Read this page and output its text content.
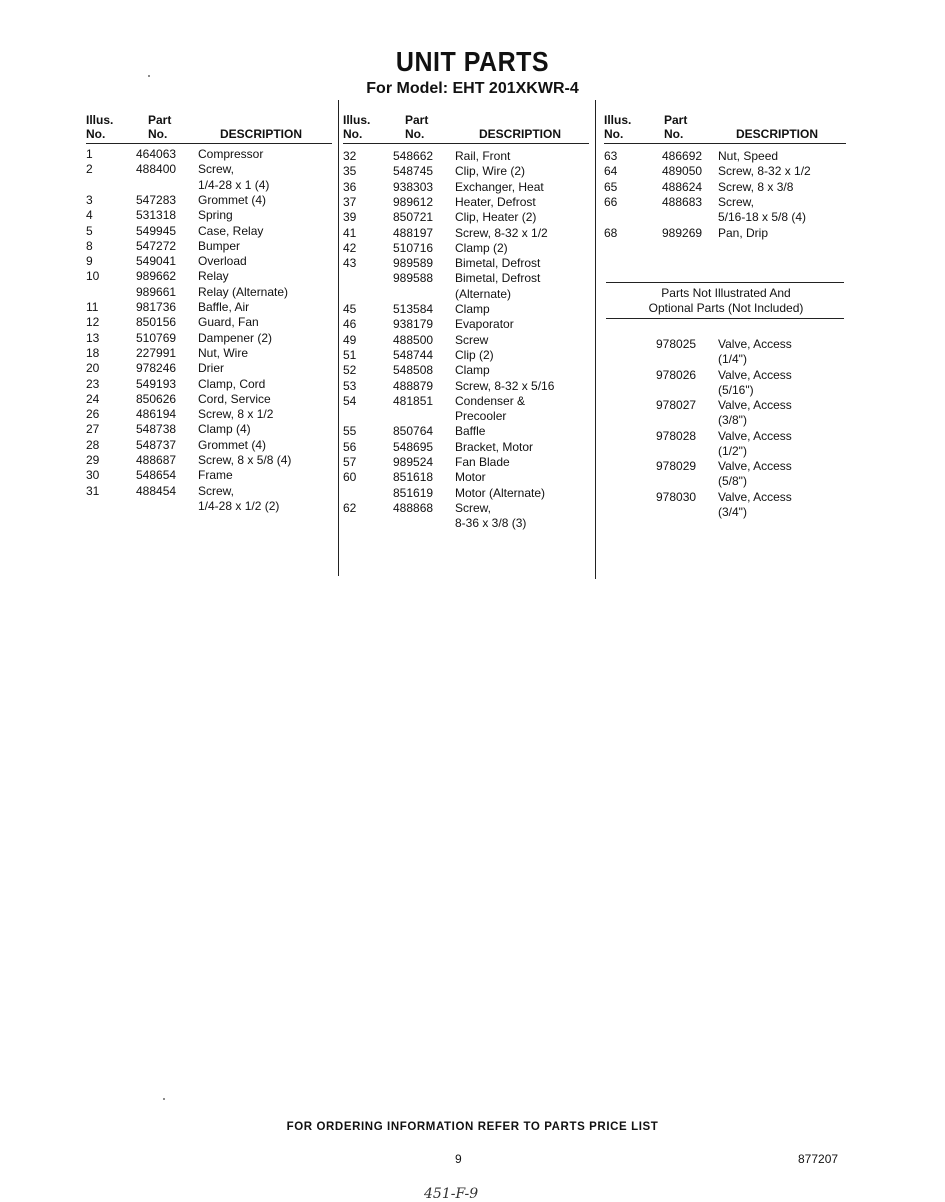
UNIT PARTS
For Model: EHT 201XKWR-4
Illus.
No.
Part
No.	DESCRIPTION
1	464063 Compressor
2	488400 Screw,
1/4-28 x 1 (4)
3	547283 Grommet (4)
4	531318 Spring
5	549945 Case, Relay
8	547272 Bumper
9	549041 Overload
10	989662 Relay
989661 Relay (Alternate)
11	981736 Baffle, Air
12	850156 Guard, Fan
13	510769 Dampener (2)
18	227991 Nut, Wire
20	978246 Drier
23	549193 Clamp, Cord
24	850626 Cord, Service
26	486194 Screw, 8 x 1/2
27	548738 Clamp (4)
28	548737 Grommet (4)
29	488687 Screw, 8 x 5/8 (4)
30	548654 Frame
31	488454 Screw,
1/4-28 x 1/2 (2)
Illus.
No.
Part
No.	DESCRIPTION
32	548662 Rail, Front
35	548745 Clip, Wire (2)
36	938303 Exchanger, Heat
37	989612 Heater, Defrost
39	850721 Clip, Heater (2)
41	488197 Screw, 8-32 x 1/2
42	510716 Clamp (2)
43	989589 Bimetal, Defrost
989588 Bimetal, Defrost
(Alternate)
45	513584 Clamp
46	938179 Evaporator
49	488500 Screw
51	548744 Clip (2)
52	548508 Clamp
53	488879 Screw, 8-32 x 5/16
54	481851 Condenser &
Precooler
55	850764 Baffle
56	548695 Bracket, Motor
57	989524 Fan Blade
60	851618 Motor
851619 Motor (Alternate)
62	488868 Screw,
8-36 x 3/8 (3)
Illus.
No.
Part
No.	DESCRIPTION
63	486692 Nut, Speed
64	489050 Screw, 8-32 x 1/2
65	488624 Screw, 8 x 3/8
66	488683 Screw,
5/16-18 x 5/8 (4)
68	989269 Pan, Drip
Parts Not Illustrated And
Optional Parts (Not Included)
978025 Valve, Access
(1/4")
978026 Valve, Access
(5/16")
978027 Valve, Access
(3/8")
978028 Valve, Access
(1/2")
978029 Valve, Access
(5/8")
978030 Valve, Access
(3/4")
FOR ORDERING INFORMATION REFER TO PARTS PRICE LIST
9	877207
451-F-9
